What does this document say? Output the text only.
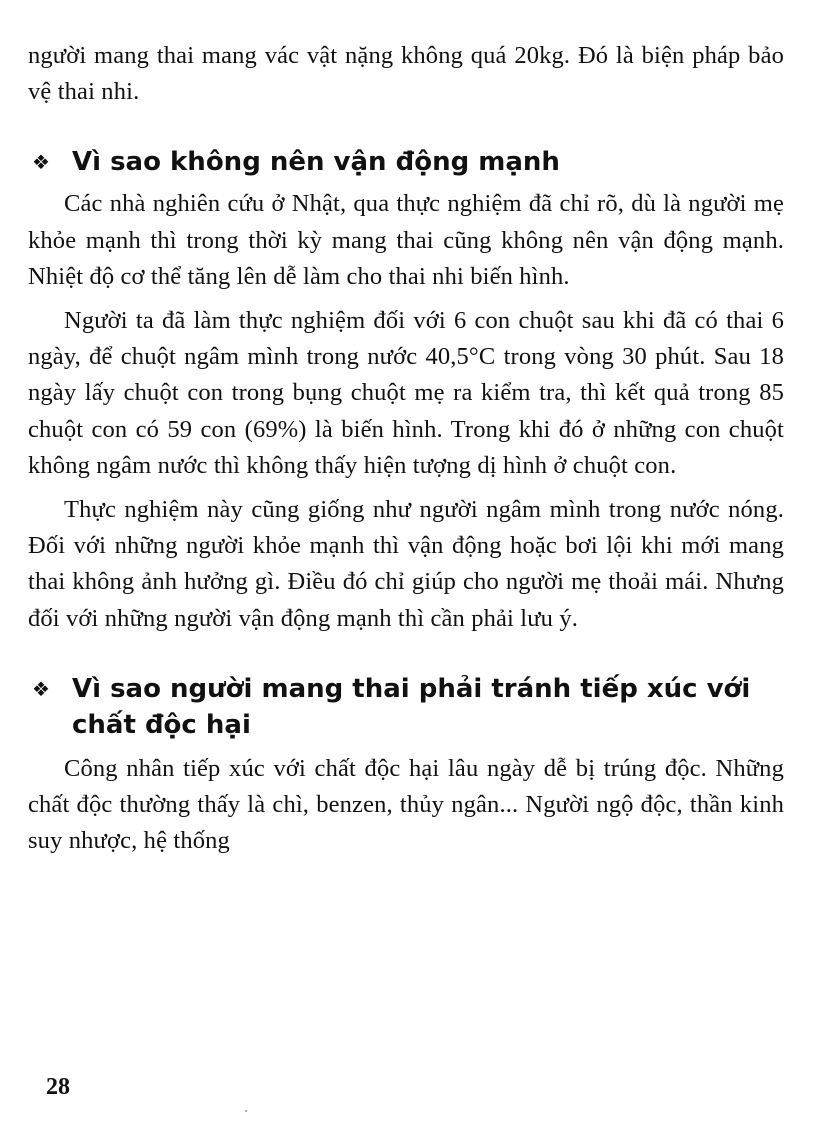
người mang thai mang vác vật nặng không quá 20kg. Đó là biện pháp bảo vệ thai nhi.

❖ Vì sao không nên vận động mạnh

Các nhà nghiên cứu ở Nhật, qua thực nghiệm đã chỉ rõ, dù là người mẹ khỏe mạnh thì trong thời kỳ mang thai cũng không nên vận động mạnh. Nhiệt độ cơ thể tăng lên dễ làm cho thai nhi biến hình.

Người ta đã làm thực nghiệm đối với 6 con chuột sau khi đã có thai 6 ngày, để chuột ngâm mình trong nước 40,5°C trong vòng 30 phút. Sau 18 ngày lấy chuột con trong bụng chuột mẹ ra kiểm tra, thì kết quả trong 85 chuột con có 59 con (69%) là biến hình. Trong khi đó ở những con chuột không ngâm nước thì không thấy hiện tượng dị hình ở chuột con.

Thực nghiệm này cũng giống như người ngâm mình trong nước nóng. Đối với những người khỏe mạnh thì vận động hoặc bơi lội khi mới mang thai không ảnh hưởng gì. Điều đó chỉ giúp cho người mẹ thoải mái. Nhưng đối với những người vận động mạnh thì cần phải lưu ý.

❖ Vì sao người mang thai phải tránh tiếp xúc với chất độc hại

Công nhân tiếp xúc với chất độc hại lâu ngày dễ bị trúng độc. Những chất độc thường thấy là chì, benzen, thủy ngân... Người ngộ độc, thần kinh suy nhược, hệ thống

28
